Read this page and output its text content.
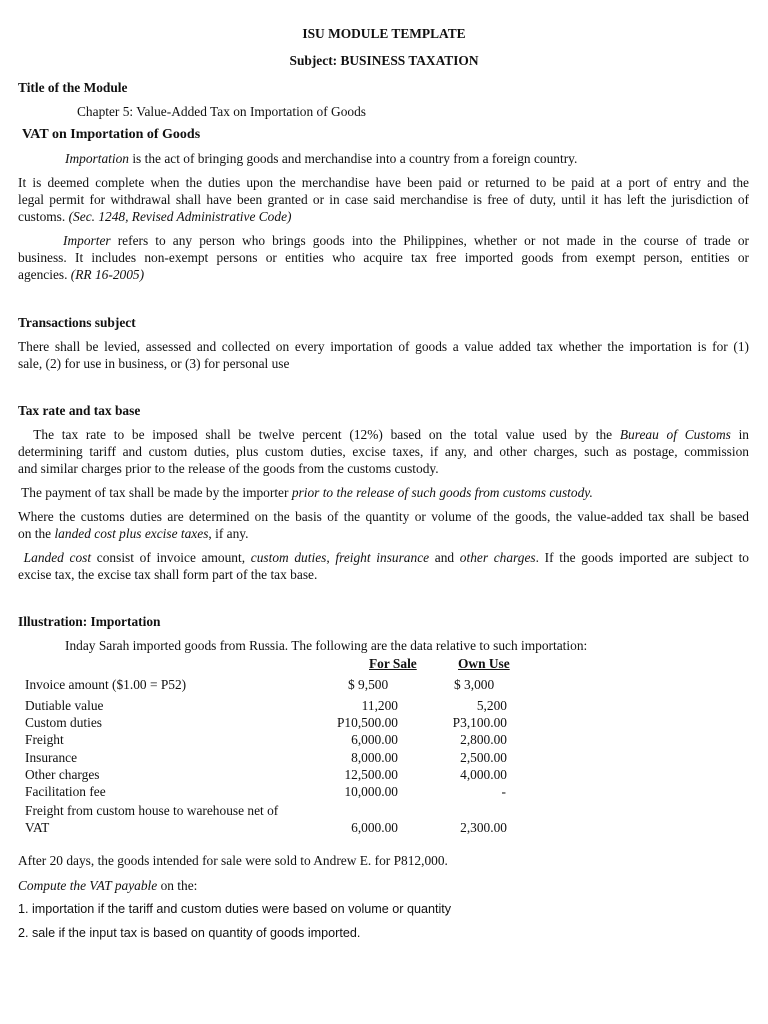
ISU MODULE TEMPLATE
Subject: BUSINESS TAXATION
Title of the Module
Chapter 5: Value-Added Tax on Importation of Goods
VAT on Importation of Goods
Importation is the act of bringing goods and merchandise into a country from a foreign country.
It is deemed complete when the duties upon the merchandise have been paid or returned to be paid at a port of entry and the
legal permit for withdrawal shall have been granted or in case said merchandise is free of duty, until it has left the jurisdiction of
customs. (Sec. 1248, Revised Administrative Code)
Importer refers to any person who brings goods into the Philippines, whether or not made in the course of trade or
business. It includes non-exempt persons or entities who acquire tax free imported goods from exempt person, entities or
agencies. (RR 16-2005)
Transactions subject
There shall be levied, assessed and collected on every importation of goods a value added tax whether the importation is for (1)
sale, (2) for use in business, or (3) for personal use
Tax rate and tax base
The tax rate to be imposed shall be twelve percent (12%) based on the total value used by the Bureau of Customs in
determining tariff and custom duties, plus custom duties, excise taxes, if any, and other charges, such as postage, commission
and similar charges prior to the release of the goods from the customs custody.
The payment of tax shall be made by the importer prior to the release of such goods from customs custody.
Where the customs duties are determined on the basis of the quantity or volume of the goods, the value-added tax shall be based
on the landed cost plus excise taxes, if any.
Landed cost consist of invoice amount, custom duties, freight insurance and other charges. If the goods imported are subject to
excise tax, the excise tax shall form part of the tax base.
Illustration: Importation
Inday Sarah imported goods from Russia. The following are the data relative to such importation:
For Sale	Own Use
Invoice amount ($1.00 = P52)	$ 9,500	$ 3,000
Dutiable value	11,200	5,200
Custom duties	P10,500.00	P3,100.00
Freight	6,000.00	2,800.00
Insurance	8,000.00	2,500.00
Other charges	12,500.00	4,000.00
Facilitation fee	10,000.00	-
Freight from custom house to warehouse net of
VAT	6,000.00	2,300.00
After 20 days, the goods intended for sale were sold to Andrew E. for P812,000.
Compute the VAT payable on the:
1. importation if the tariff and custom duties were based on volume or quantity
2. sale if the input tax is based on quantity of goods imported.
